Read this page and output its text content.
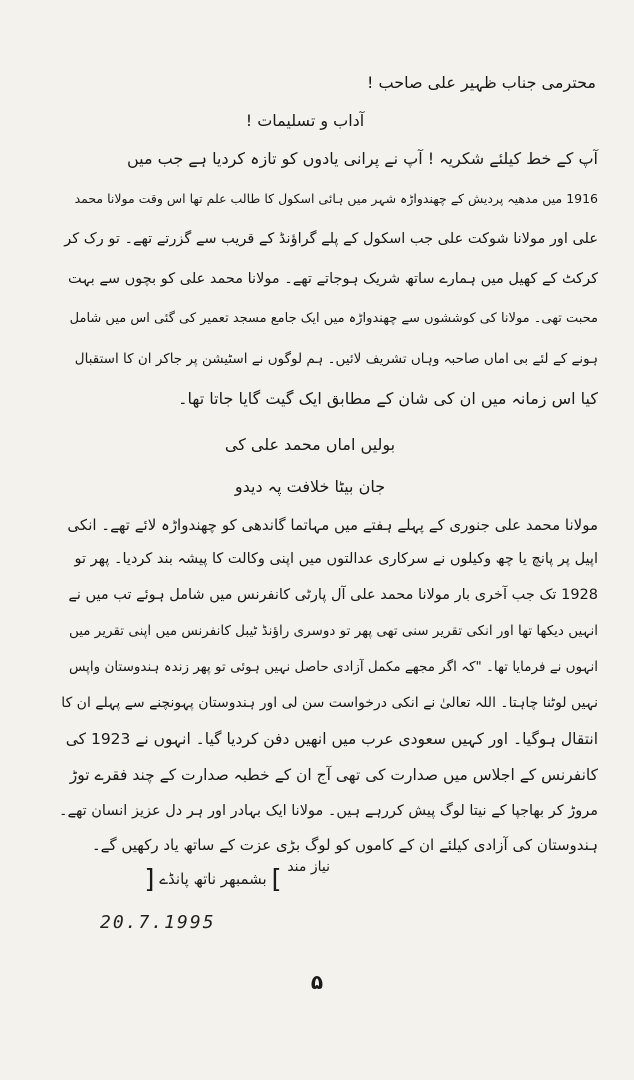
محترمی جناب ظہیر علی صاحب !
آداب و تسلیمات !
آپ کے خط کیلئے شکریہ ! آپ نے پرانی یادوں کو تازہ کردیا ہے جب میں
1916 میں مدھیہ پردیش کے چھندواڑہ شہر میں ہائی اسکول کا طالب علم تھا اس وقت مولانا محمد
علی اور مولانا شوکت علی جب اسکول کے پلے گراؤنڈ کے قریب سے گزرتے تھے۔ تو رک کر
کرکٹ کے کھیل میں ہمارے ساتھ شریک ہوجاتے تھے۔ مولانا محمد علی کو بچوں سے بہت
محبت تھی۔ مولانا کی کوششوں سے چھندواڑہ میں ایک جامع مسجد تعمیر کی گئی اس میں شامل
ہونے کے لئے بی اماں صاحبہ وہاں تشریف لائیں۔ ہم لوگوں نے اسٹیشن پر جاکر ان کا استقبال
کیا اس زمانہ میں ان کی شان کے مطابق ایک گیت گایا جاتا تھا۔
بولیں اماں محمد علی کی
جان بیٹا خلافت پہ دیدو
مولانا محمد علی جنوری کے پہلے ہفتے میں مہاتما گاندھی کو چھندواڑہ لائے تھے۔ انکی
اپیل پر پانچ یا چھ وکیلوں نے سرکاری عدالتوں میں اپنی وکالت کا پیشہ بند کردیا۔ پھر تو
1928 تک جب آخری بار مولانا محمد علی آل پارٹی کانفرنس میں شامل ہوئے تب میں نے
انہیں دیکھا تھا اور انکی تقریر سنی تھی پھر تو دوسری راؤنڈ ٹیبل کانفرنس میں اپنی تقریر میں
انہوں نے فرمایا تھا۔ "کہ اگر مجھے مکمل آزادی حاصل نہیں ہوئی تو پھر زندہ ہندوستان واپس
نہیں لوٹنا چاہتا۔ اللہ تعالیٰ نے انکی درخواست سن لی اور ہندوستان پہونچنے سے پہلے ان کا
انتقال ہوگیا۔ اور کہیں سعودی عرب میں انھیں دفن کردیا گیا۔ انہوں نے 1923 کی
کانفرنس کے اجلاس میں صدارت کی تھی آج ان کے خطبہ صدارت کے چند فقرے توڑ
مروڑ کر بھاجپا کے نیتا لوگ پیش کررہے ہیں۔ مولانا ایک بہادر اور ہر دل عزیز انسان تھے۔
ہندوستان کی آزادی کیلئے ان کے کاموں کو لوگ بڑی عزت کے ساتھ یاد رکھیں گے۔
نیاز مند
] بشمبھر ناتھ پانڈے [
20.7.1995
۵
